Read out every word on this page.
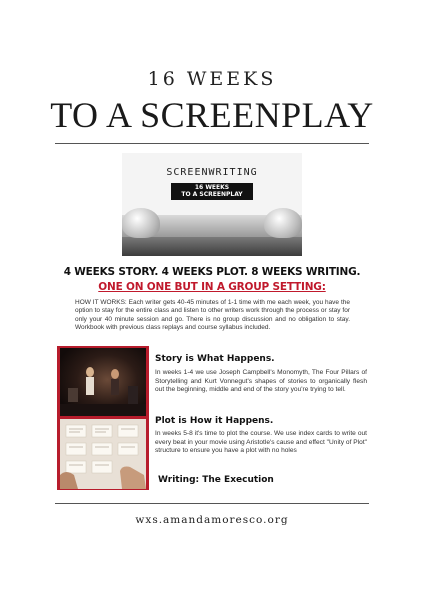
16 WEEKS
TO A SCREENPLAY
SCREENWRITING
16 WEEKS
TO A SCREENPLAY
4 WEEKS STORY. 4 WEEKS PLOT. 8 WEEKS WRITING.
ONE ON ONE BUT IN A GROUP SETTING:
HOW IT WORKS: Each writer gets 40-45 minutes of 1-1 time with me each week, you have the option to stay for the entire class and listen to other writers work through the process or stay for only your 40 minute session and go. There is no group discussion and no obligation to stay. Workbook with previous class replays and course syllabus included.
Story is What Happens.
In weeks 1-4 we use Joseph Campbell's Monomyth, The Four Pillars of Storytelling and Kurt Vonnegut's shapes of stories to organically flesh out the beginning, middle and end of the story you're trying to tell.
Plot is How it Happens.
In weeks 5-8 it's time to plot the course. We use index cards to write out every beat in your movie using Aristotle's cause and effect "Unity of Plot" structure to ensure you have a plot with no holes
Writing: The Execution
wxs.amandamoresco.org
